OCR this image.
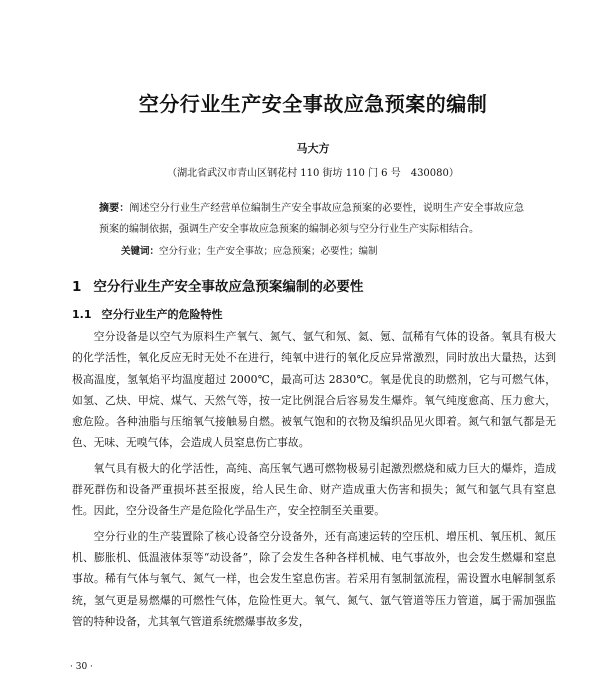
空分行业生产安全事故应急预案的编制
马大方
（湖北省武汉市青山区钢花村 110 街坊 110 门 6 号　430080）
摘要：阐述空分行业生产经营单位编制生产安全事故应急预案的必要性，说明生产安全事故应急预案的编制依据，强调生产安全事故应急预案的编制必须与空分行业生产实际相结合。
关键词：空分行业；生产安全事故；应急预案；必要性；编制
1 空分行业生产安全事故应急预案编制的必要性
1.1 空分行业生产的危险特性

空分设备是以空气为原料生产氧气、氮气、氩气和氖、氦、氪、氙稀有气体的设备。氧具有极大的化学活性，氧化反应无时无处不在进行，纯氧中进行的氧化反应异常激烈，同时放出大量热，达到极高温度，氢氧焰平均温度超过 2000℃，最高可达 2830℃。氧是优良的助燃剂，它与可燃气体，如氢、乙炔、甲烷、煤气、天然气等，按一定比例混合后容易发生爆炸。氧气纯度愈高、压力愈大，愈危险。各种油脂与压缩氧气接触易自燃。被氧气饱和的衣物及编织品见火即着。氮气和氩气都是无色、无味、无嗅气体，会造成人员窒息伤亡事故。

氧气具有极大的化学活性，高纯、高压氧气遇可燃物极易引起激烈燃烧和威力巨大的爆炸，造成群死群伤和设备严重损坏甚至报废，给人民生命、财产造成重大伤害和损失；氮气和氩气具有窒息性。因此，空分设备生产是危险化学品生产，安全控制至关重要。

空分行业的生产装置除了核心设备空分设备外，还有高速运转的空压机、增压机、氧压机、氮压机、膨胀机、低温液体泵等“动设备”，除了会发生各种各样机械、电气事故外，也会发生燃爆和窒息事故。稀有气体与氧气、氮气一样，也会发生窒息伤害。若采用有氢制氩流程，需设置水电解制氢系统，氢气更是易燃爆的可燃性气体，危险性更大。氧气、氮气、氩气管道等压力管道，属于需加强监管的特种设备，尤其氧气管道系统燃爆事故多发，

· 30 ·
